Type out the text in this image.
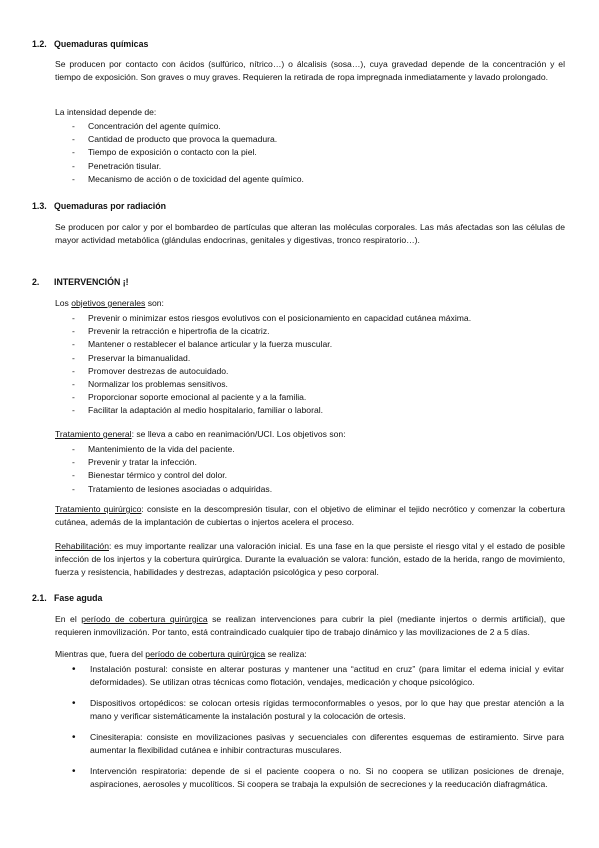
1.2. Quemaduras químicas
Se producen por contacto con ácidos (sulfúrico, nítrico…) o álcalisis (sosa…), cuya gravedad depende de la concentración y el tiempo de exposición. Son graves o muy graves. Requieren la retirada de ropa impregnada inmediatamente y lavado prolongado.
La intensidad depende de:
- Concentración del agente químico.
- Cantidad de producto que provoca la quemadura.
- Tiempo de exposición o contacto con la piel.
- Penetración tisular.
- Mecanismo de acción o de toxicidad del agente químico.
1.3. Quemaduras por radiación
Se producen por calor y por el bombardeo de partículas que alteran las moléculas corporales. Las más afectadas son las células de mayor actividad metabólica (glándulas endocrinas, genitales y digestivas, tronco respiratorio…).
2. INTERVENCIÓN ¡!
Los objetivos generales son:
- Prevenir o minimizar estos riesgos evolutivos con el posicionamiento en capacidad cutánea máxima.
- Prevenir la retracción e hipertrofia de la cicatriz.
- Mantener o restablecer el balance articular y la fuerza muscular.
- Preservar la bimanualidad.
- Promover destrezas de autocuidado.
- Normalizar los problemas sensitivos.
- Proporcionar soporte emocional al paciente y a la familia.
- Facilitar la adaptación al medio hospitalario, familiar o laboral.
Tratamiento general: se lleva a cabo en reanimación/UCI. Los objetivos son:
- Mantenimiento de la vida del paciente.
- Prevenir y tratar la infección.
- Bienestar térmico y control del dolor.
- Tratamiento de lesiones asociadas o adquiridas.
Tratamiento quirúrgico: consiste en la descompresión tisular, con el objetivo de eliminar el tejido necrótico y comenzar la cobertura cutánea, además de la implantación de cubiertas o injertos acelera el proceso.
Rehabilitación: es muy importante realizar una valoración inicial. Es una fase en la que persiste el riesgo vital y el estado de posible infección de los injertos y la cobertura quirúrgica. Durante la evaluación se valora: función, estado de la herida, rango de movimiento, fuerza y resistencia, habilidades y destrezas, adaptación psicológica y peso corporal.
2.1. Fase aguda
En el período de cobertura quirúrgica se realizan intervenciones para cubrir la piel (mediante injertos o dermis artificial), que requieren inmovilización. Por tanto, está contraindicado cualquier tipo de trabajo dinámico y las movilizaciones de 2 a 5 días.
Mientras que, fuera del período de cobertura quirúrgica se realiza:
• Instalación postural: consiste en alterar posturas y mantener una “actitud en cruz” (para limitar el edema inicial y evitar deformidades). Se utilizan otras técnicas como flotación, vendajes, medicación y choque psicológico.
• Dispositivos ortopédicos: se colocan ortesis rígidas termoconformables o yesos, por lo que hay que prestar atención a la mano y verificar sistemáticamente la instalación postural y la colocación de ortesis.
• Cinesiterapia: consiste en movilizaciones pasivas y secuenciales con diferentes esquemas de estiramiento. Sirve para aumentar la flexibilidad cutánea e inhibir contracturas musculares.
• Intervención respiratoria: depende de si el paciente coopera o no. Si no coopera se utilizan posiciones de drenaje, aspiraciones, aerosoles y mucolíticos. Si coopera se trabaja la expulsión de secreciones y la reeducación diafragmática.
